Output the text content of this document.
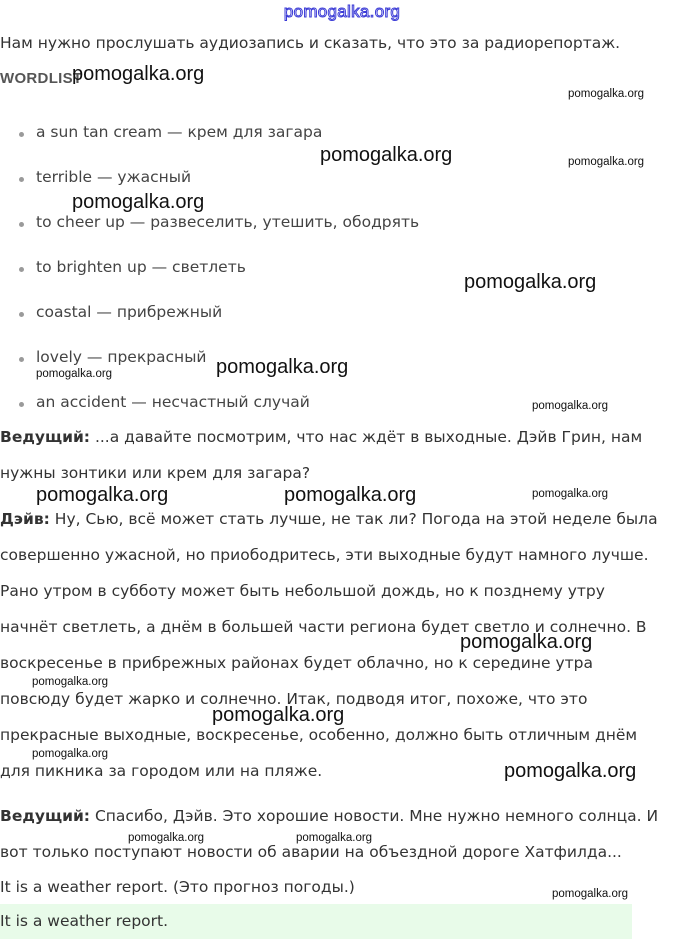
pomogalka.org
Нам нужно прослушать аудиозапись и сказать, что это за радиорепортаж.
WORDLIST
a sun tan cream — крем для загара
terrible — ужасный
to cheer up — развеселить, утешить, ободрять
to brighten up — светлеть
coastal — прибрежный
lovely — прекрасный
an accident — несчастный случай
Ведущий: ...а давайте посмотрим, что нас ждёт в выходные. Дэйв Грин, нам
нужны зонтики или крем для загара?
Дэйв: Ну, Сью, всё может стать лучше, не так ли? Погода на этой неделе была
совершенно ужасной, но приободритесь, эти выходные будут намного лучше.
Рано утром в субботу может быть небольшой дождь, но к позднему утру
начнёт светлеть, а днём в большей части региона будет светло и солнечно. В
воскресенье в прибрежных районах будет облачно, но к середине утра
повсюду будет жарко и солнечно. Итак, подводя итог, похоже, что это
прекрасные выходные, воскресенье, особенно, должно быть отличным днём
для пикника за городом или на пляже.
Ведущий: Спасибо, Дэйв. Это хорошие новости. Мне нужно немного солнца. И
вот только поступают новости об аварии на объездной дороге Хатфилда...
It is a weather report. (Это прогноз погоды.)
It is a weather report.
pomogalka.org
pomogalka.org
pomogalka.org	pomogalka.org
pomogalka.org
pomogalka.org
pomogalka.org
pomogalka.org
pomogalka.org
pomogalka.org	pomogalka.org	pomogalka.org
pomogalka.org
pomogalka.org
pomogalka.org
pomogalka.org
pomogalka.org
pomogalka.org	pomogalka.org
pomogalka.org
